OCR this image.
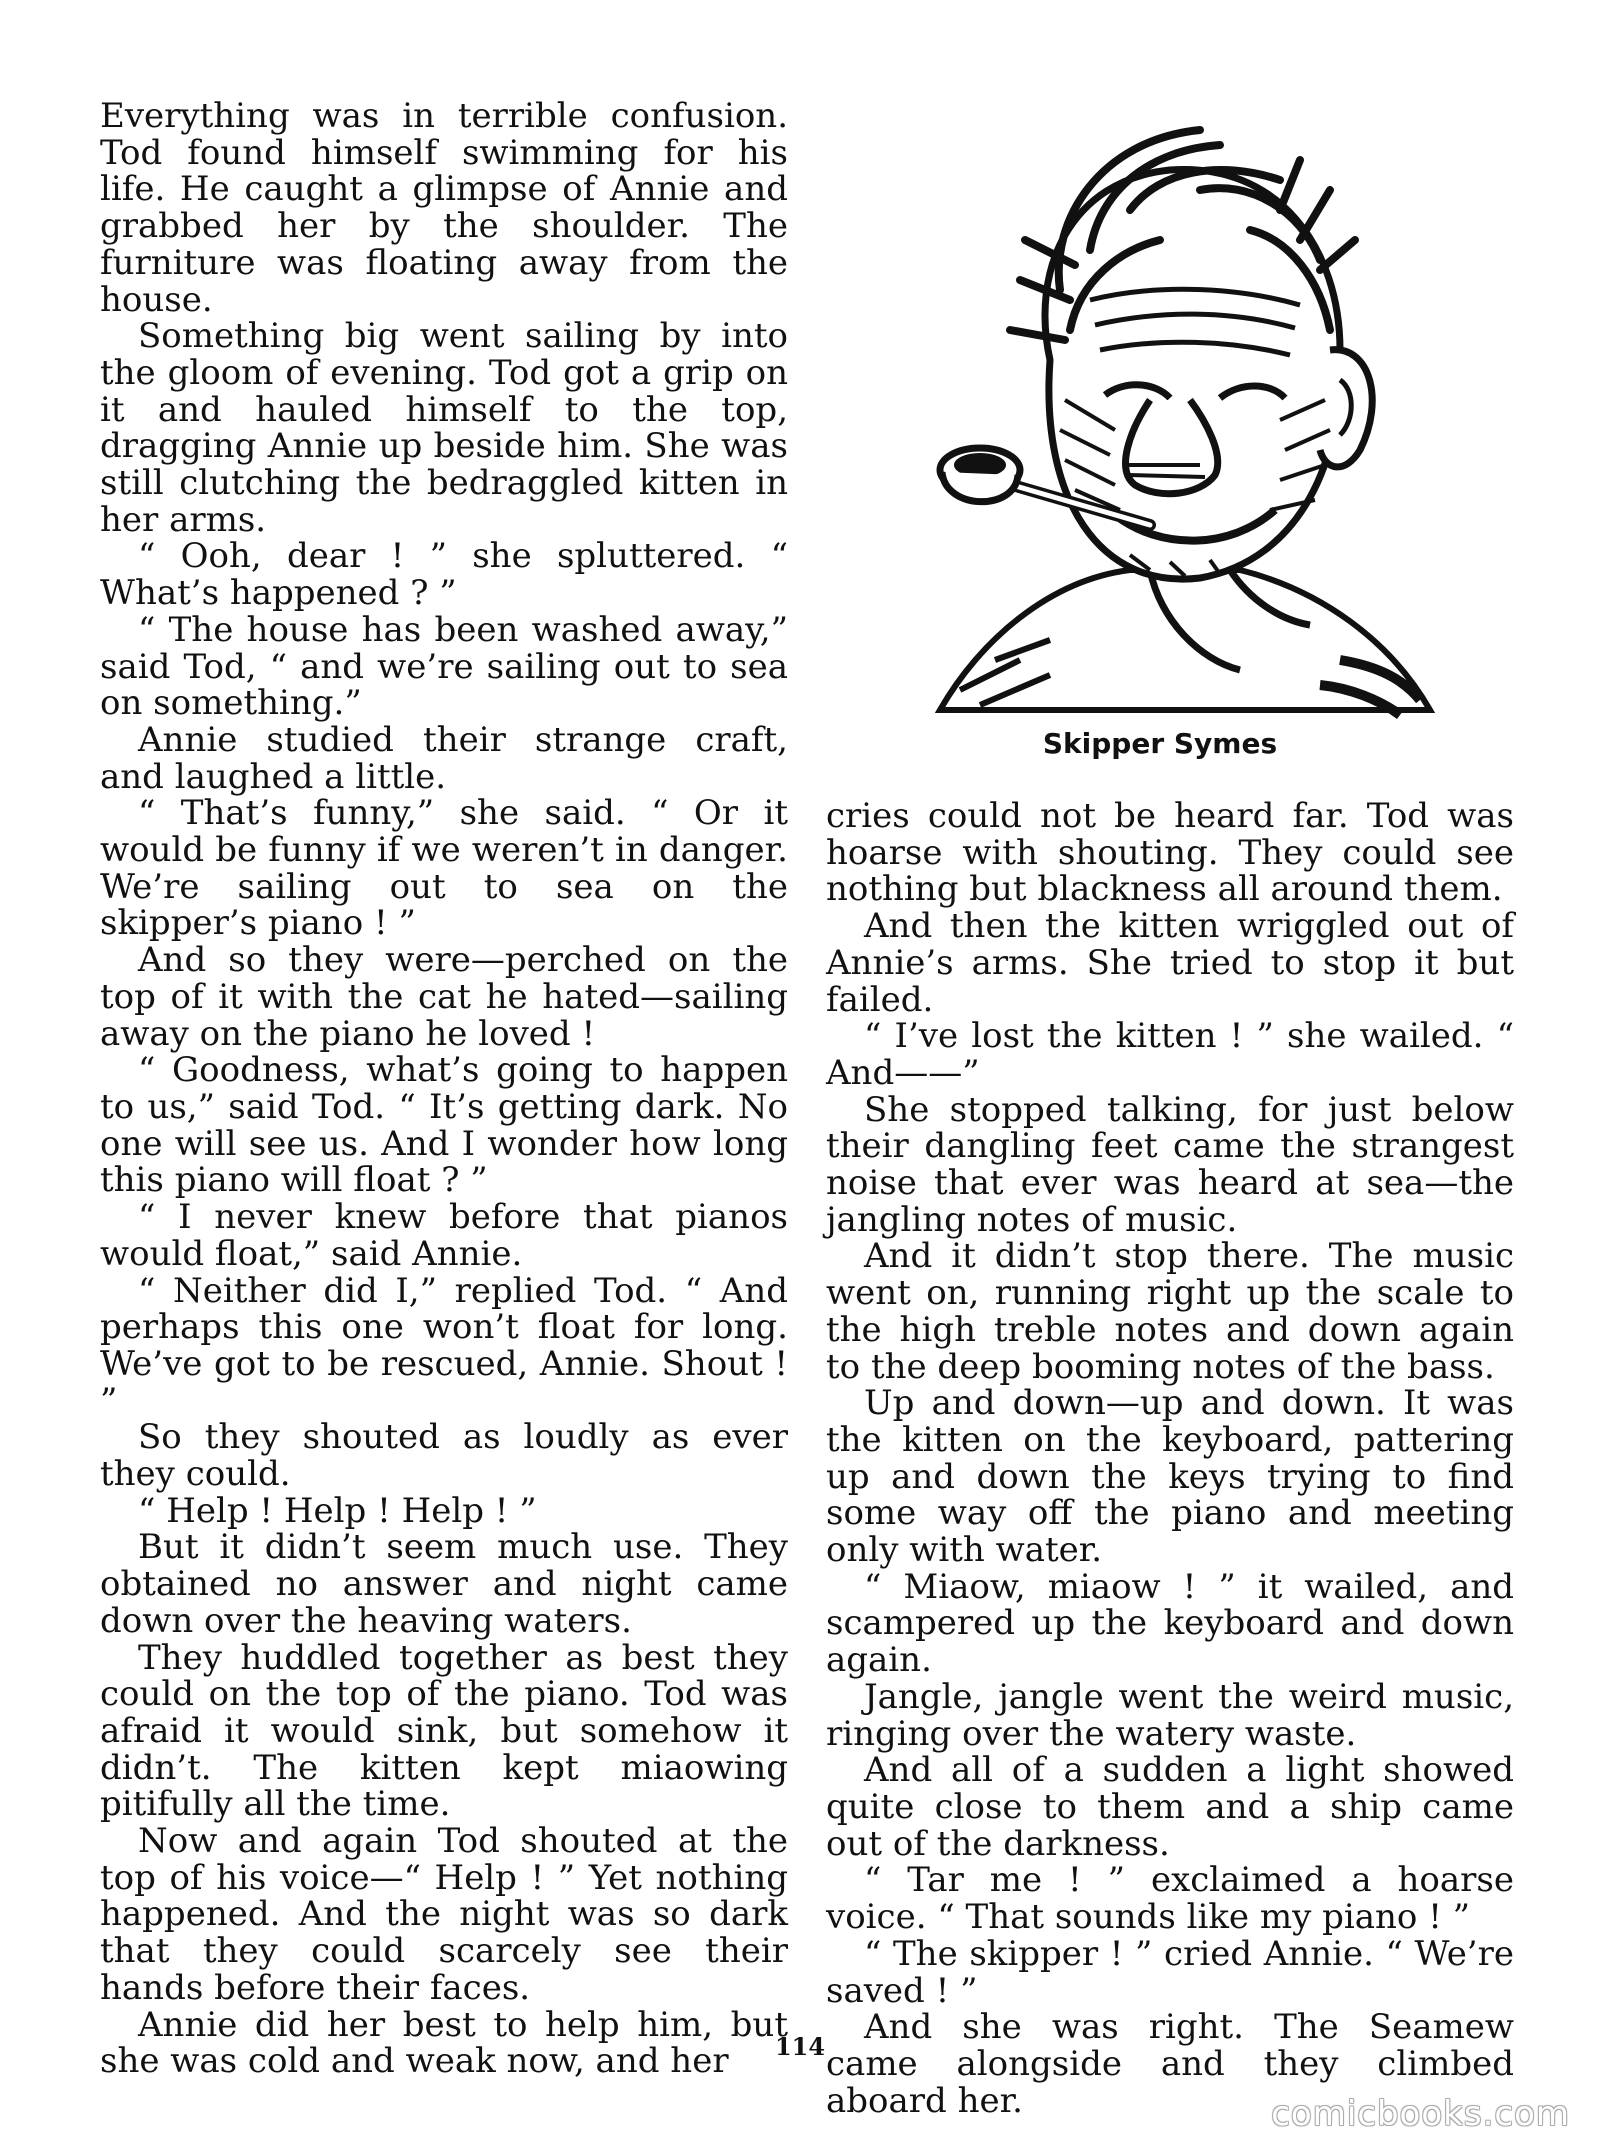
Everything was in terrible confusion. Tod found himself swimming for his life. He caught a glimpse of Annie and grabbed her by the shoulder. The furniture was floating away from the house.

Something big went sailing by into the gloom of evening. Tod got a grip on it and hauled himself to the top, dragging Annie up beside him. She was still clutching the bedraggled kitten in her arms.

“ Ooh, dear ! ” she spluttered. “ What’s happened ? ”

“ The house has been washed away,” said Tod, “ and we’re sailing out to sea on something.”

Annie studied their strange craft, and laughed a little.

“ That’s funny,” she said. “ Or it would be funny if we weren’t in danger. We’re sailing out to sea on the skipper’s piano ! ”

And so they were—perched on the top of it with the cat he hated—sailing away on the piano he loved !

“ Goodness, what’s going to happen to us,” said Tod. “ It’s getting dark. No one will see us. And I wonder how long this piano will float ? ”

“ I never knew before that pianos would float,” said Annie.

“ Neither did I,” replied Tod. “ And perhaps this one won’t float for long. We’ve got to be rescued, Annie. Shout ! ”

So they shouted as loudly as ever they could.

“ Help ! Help ! Help ! ”

But it didn’t seem much use. They obtained no answer and night came down over the heaving waters.

They huddled together as best they could on the top of the piano. Tod was afraid it would sink, but somehow it didn’t. The kitten kept miaowing pitifully all the time.

Now and again Tod shouted at the top of his voice—“ Help ! ” Yet nothing happened. And the night was so dark that they could scarcely see their hands before their faces.

Annie did her best to help him, but she was cold and weak now, and her

Skipper Symes

cries could not be heard far. Tod was hoarse with shouting. They could see nothing but blackness all around them.

And then the kitten wriggled out of Annie’s arms. She tried to stop it but failed.

“ I’ve lost the kitten ! ” she wailed. “ And——”

She stopped talking, for just below their dangling feet came the strangest noise that ever was heard at sea—the jangling notes of music.

And it didn’t stop there. The music went on, running right up the scale to the high treble notes and down again to the deep booming notes of the bass.

Up and down—up and down. It was the kitten on the keyboard, pattering up and down the keys trying to find some way off the piano and meeting only with water.

“ Miaow, miaow ! ” it wailed, and scampered up the keyboard and down again.

Jangle, jangle went the weird music, ringing over the watery waste.

And all of a sudden a light showed quite close to them and a ship came out of the darkness.

“ Tar me ! ” exclaimed a hoarse voice. “ That sounds like my piano ! ”

“ The skipper ! ” cried Annie. “ We’re saved ! ”

And she was right. The Seamew came alongside and they climbed aboard her.

114
comicbooks.com
